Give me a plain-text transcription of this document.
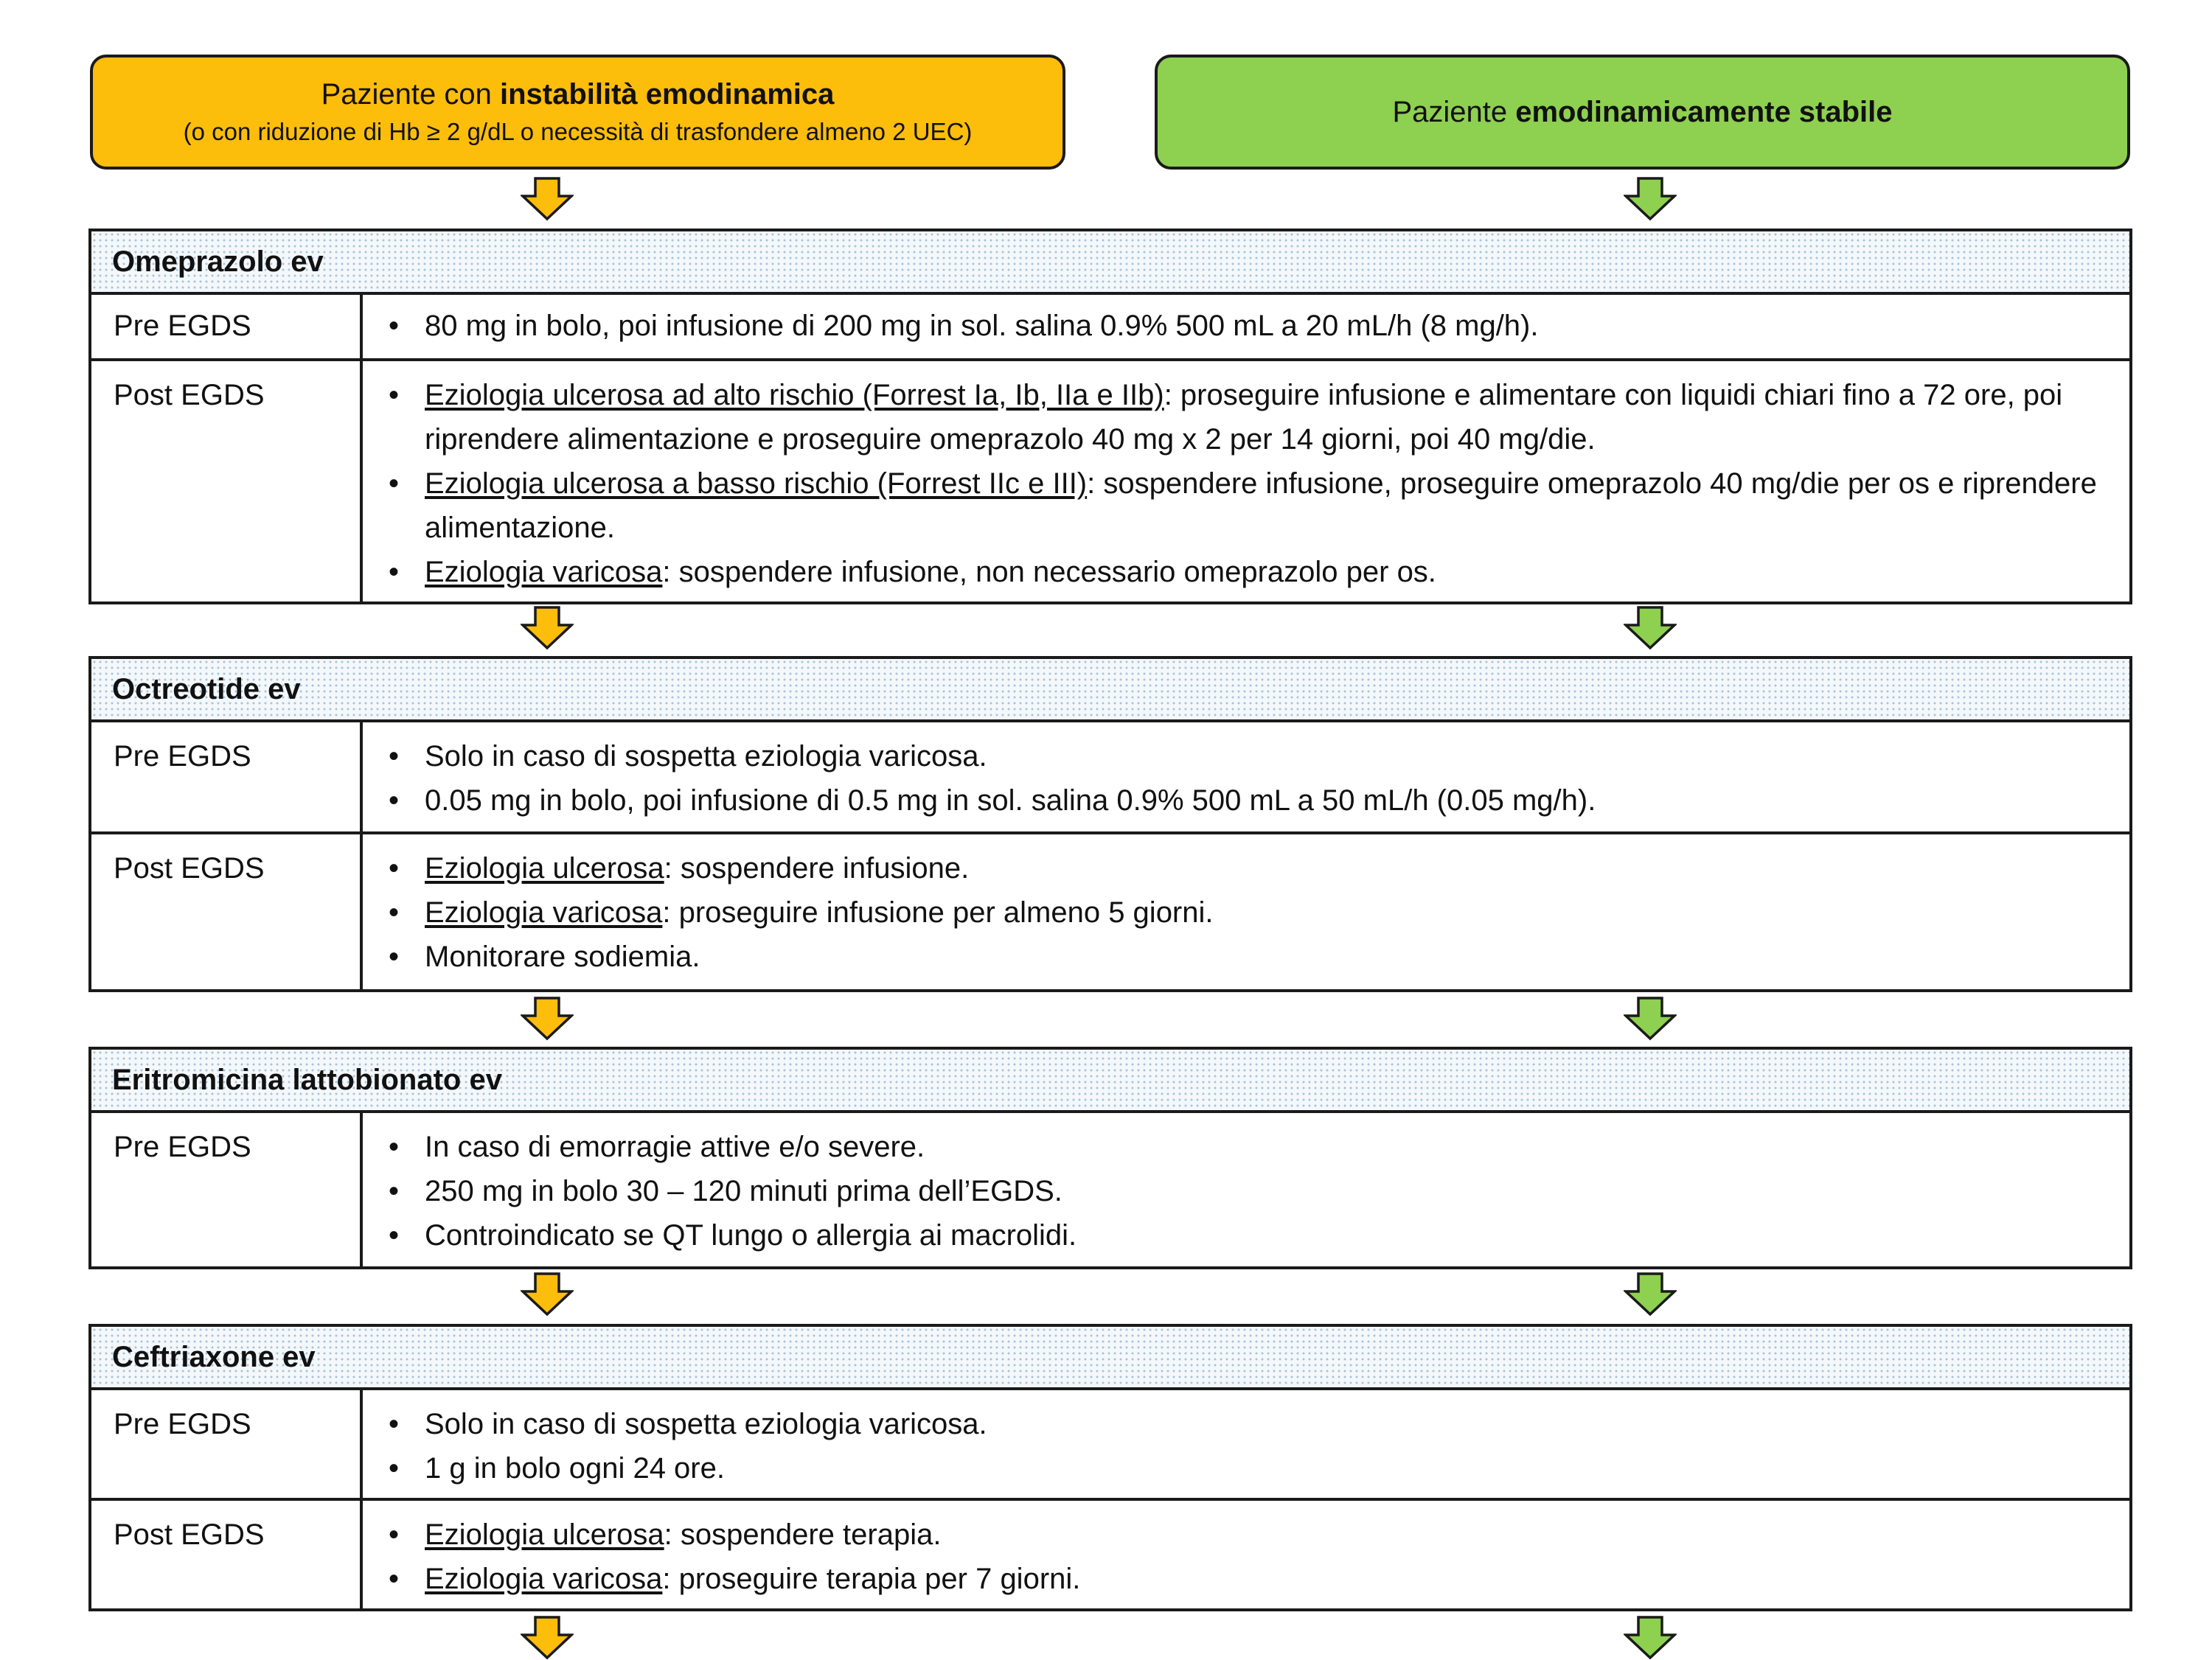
Paziente con instabilità emodinamica
(o con riduzione di Hb ≥ 2 g/dL o necessità di trasfondere almeno 2 UEC)
Paziente emodinamicamente stabile
Omeprazolo ev
Pre EGDS	• 80 mg in bolo, poi infusione di 200 mg in sol. salina 0.9% 500 mL a 20 mL/h (8 mg/h).
Post EGDS	• Eziologia ulcerosa ad alto rischio (Forrest Ia, Ib, IIa e IIb): proseguire infusione e alimentare con liquidi chiari fino a 72 ore, poi riprendere alimentazione e proseguire omeprazolo 40 mg x 2 per 14 giorni, poi 40 mg/die.
• Eziologia ulcerosa a basso rischio (Forrest IIc e III): sospendere infusione, proseguire omeprazolo 40 mg/die per os e riprendere alimentazione.
• Eziologia varicosa: sospendere infusione, non necessario omeprazolo per os.
Octreotide ev
Pre EGDS	• Solo in caso di sospetta eziologia varicosa.
• 0.05 mg in bolo, poi infusione di 0.5 mg in sol. salina 0.9% 500 mL a 50 mL/h (0.05 mg/h).
Post EGDS	• Eziologia ulcerosa: sospendere infusione.
• Eziologia varicosa: proseguire infusione per almeno 5 giorni.
• Monitorare sodiemia.
Eritromicina lattobionato ev
Pre EGDS	• In caso di emorragie attive e/o severe.
• 250 mg in bolo 30 – 120 minuti prima dell’EGDS.
• Controindicato se QT lungo o allergia ai macrolidi.
Ceftriaxone ev
Pre EGDS	• Solo in caso di sospetta eziologia varicosa.
• 1 g in bolo ogni 24 ore.
Post EGDS	• Eziologia ulcerosa: sospendere terapia.
• Eziologia varicosa: proseguire terapia per 7 giorni.
